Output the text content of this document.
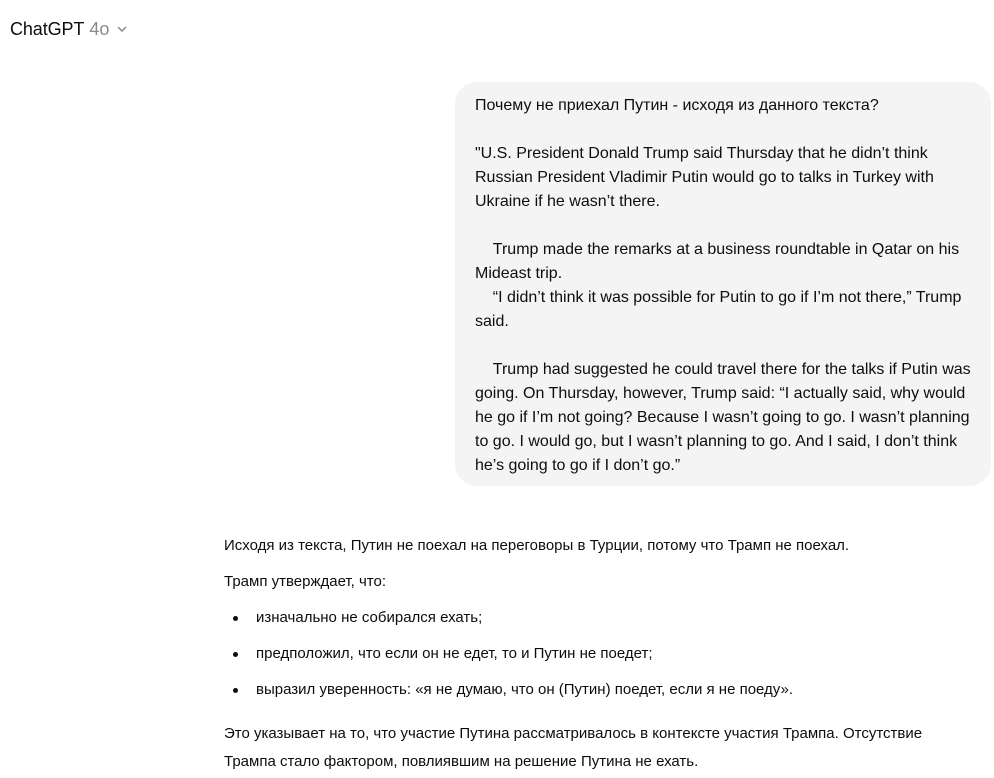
ChatGPT 4o

Почему не приехал Путин - исходя из данного текста?

"U.S. President Donald Trump said Thursday that he didn’t think Russian President Vladimir Putin would go to talks in Turkey with Ukraine if he wasn’t there.

Trump made the remarks at a business roundtable in Qatar on his Mideast trip.
“I didn’t think it was possible for Putin to go if I’m not there,” Trump said.

Trump had suggested he could travel there for the talks if Putin was going. On Thursday, however, Trump said: “I actually said, why would he go if I’m not going? Because I wasn’t going to go. I wasn’t planning to go. I would go, but I wasn’t planning to go. And I said, I don’t think he’s going to go if I don’t go.”

Исходя из текста, Путин не поехал на переговоры в Турции, потому что Трамп не поехал.

Трамп утверждает, что:

изначально не собирался ехать;
предположил, что если он не едет, то и Путин не поедет;
выразил уверенность: «я не думаю, что он (Путин) поедет, если я не поеду».

Это указывает на то, что участие Путина рассматривалось в контексте участия Трампа. Отсутствие Трампа стало фактором, повлиявшим на решение Путина не ехать.
